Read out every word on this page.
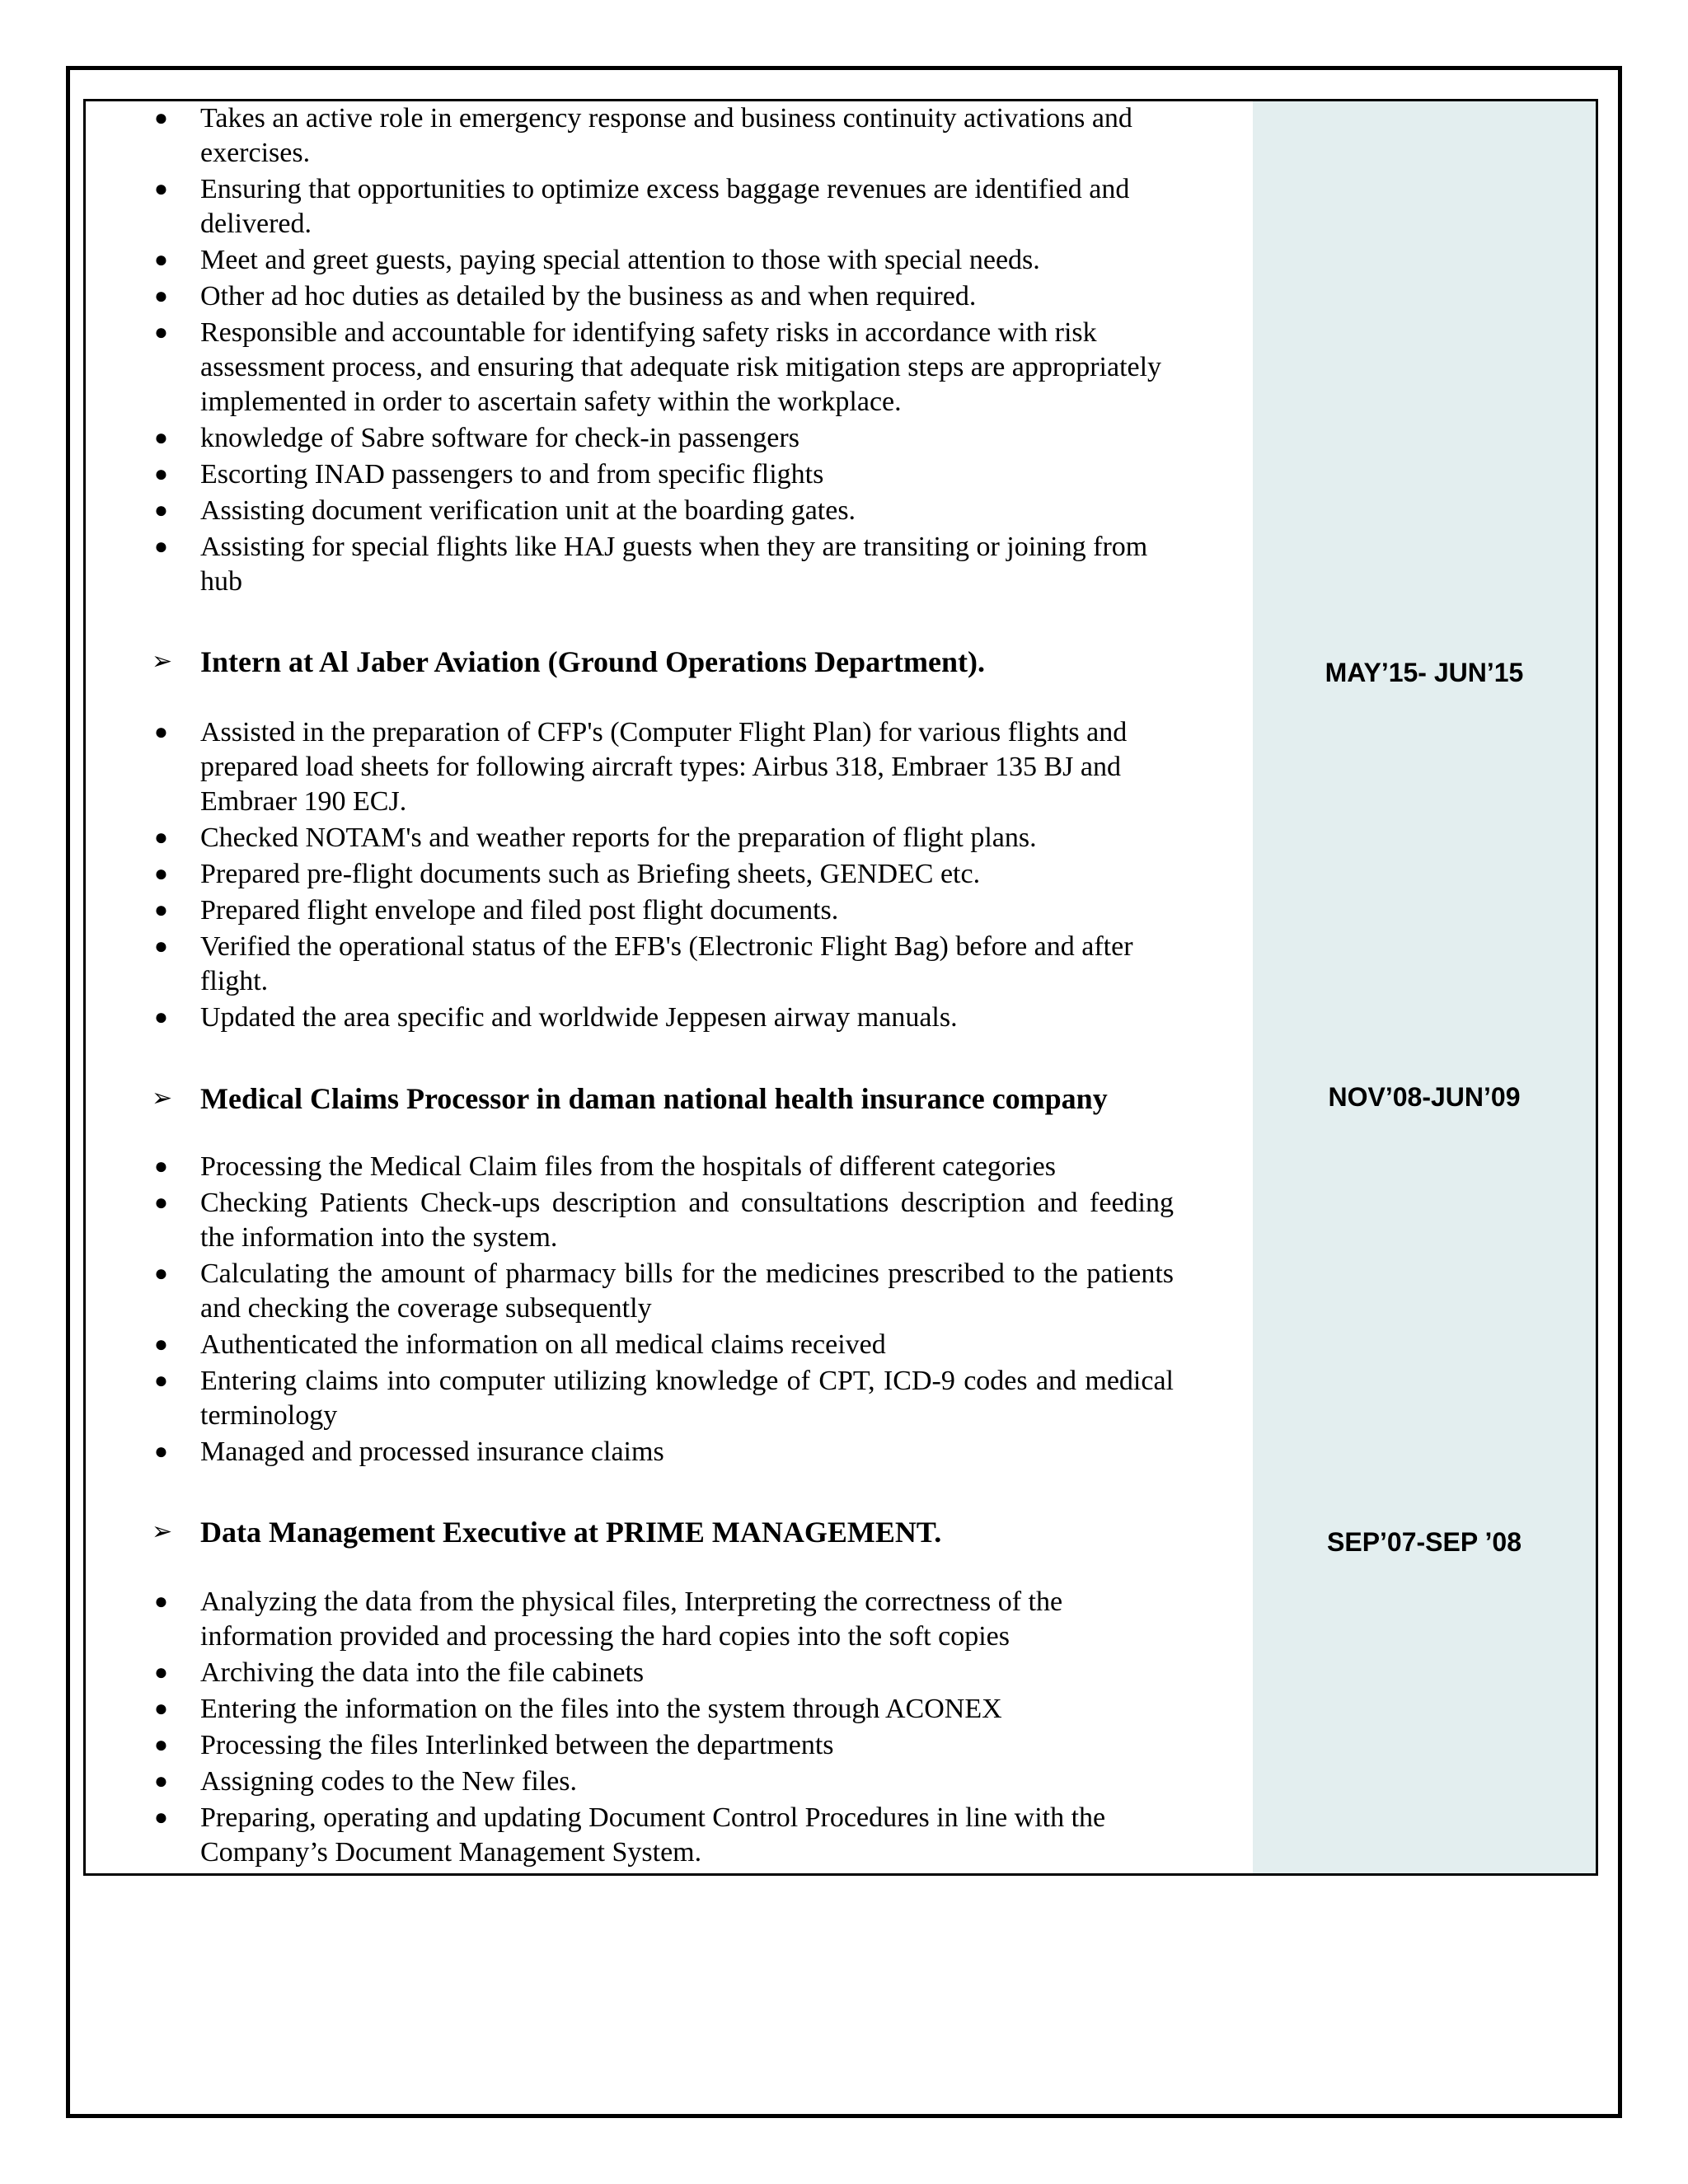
● Takes an active role in emergency response and business continuity activations and exercises.
● Ensuring that opportunities to optimize excess baggage revenues are identified and delivered.
● Meet and greet guests, paying special attention to those with special needs.
● Other ad hoc duties as detailed by the business as and when required.
● Responsible and accountable for identifying safety risks in accordance with risk assessment process, and ensuring that adequate risk mitigation steps are appropriately implemented in order to ascertain safety within the workplace.
● knowledge of Sabre software for check-in passengers
● Escorting INAD passengers to and from specific flights
● Assisting document verification unit at the boarding gates.
● Assisting for special flights like HAJ guests when they are transiting or joining from hub
➢ Intern at Al Jaber Aviation (Ground Operations Department).	MAY’15- JUN’15
● Assisted in the preparation of CFP's (Computer Flight Plan) for various flights and prepared load sheets for following aircraft types: Airbus 318, Embraer 135 BJ and Embraer 190 ECJ.
● Checked NOTAM's and weather reports for the preparation of flight plans.
● Prepared pre-flight documents such as Briefing sheets, GENDEC etc.
● Prepared flight envelope and filed post flight documents.
● Verified the operational status of the EFB's (Electronic Flight Bag) before and after flight.
● Updated the area specific and worldwide Jeppesen airway manuals.
➢ Medical Claims Processor in daman national health insurance company	NOV’08-JUN’09
● Processing the Medical Claim files from the hospitals of different categories
● Checking Patients Check-ups description and consultations description and feeding the information into the system.
● Calculating the amount of pharmacy bills for the medicines prescribed to the patients and checking the coverage subsequently
● Authenticated the information on all medical claims received
● Entering claims into computer utilizing knowledge of CPT, ICD-9 codes and medical terminology
● Managed and processed insurance claims
➢ Data Management Executive at PRIME MANAGEMENT.	SEP’07-SEP ’08
● Analyzing the data from the physical files, Interpreting the correctness of the information provided and processing the hard copies into the soft copies
● Archiving the data into the file cabinets
● Entering the information on the files into the system through ACONEX
● Processing the files Interlinked between the departments
● Assigning codes to the New files.
● Preparing, operating and updating Document Control Procedures in line with the Company’s Document Management System.
